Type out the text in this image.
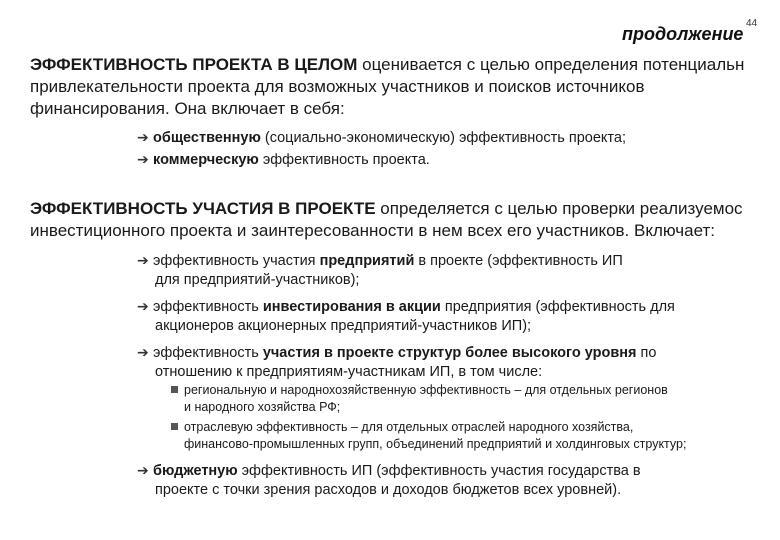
44
продолжение
ЭФФЕКТИВНОСТЬ ПРОЕКТА В ЦЕЛОМ оценивается с целью определения потенциальн
привлекательности проекта для возможных участников и поисков источников
финансирования. Она включает в себя:
➔ общественную (социально-экономическую) эффективность проекта;
➔ коммерческую эффективность проекта.
ЭФФЕКТИВНОСТЬ УЧАСТИЯ В ПРОЕКТЕ определяется с целью проверки реализуемос
инвестиционного проекта и заинтересованности в нем всех его участников. Включает:
➔ эффективность участия предприятий в проекте (эффективность ИП
для предприятий-участников);
➔ эффективность инвестирования в акции предприятия (эффективность для
акционеров акционерных предприятий-участников ИП);
➔ эффективность участия в проекте структур более высокого уровня по
отношению к предприятиям-участникам ИП, в том числе:
региональную и народнохозяйственную эффективность – для отдельных регионов
и народного хозяйства РФ;
отраслевую эффективность – для отдельных отраслей народного хозяйства,
финансово-промышленных групп, объединений предприятий и холдинговых структур;
➔ бюджетную эффективность ИП (эффективность участия государства в
проекте с точки зрения расходов и доходов бюджетов всех уровней).
